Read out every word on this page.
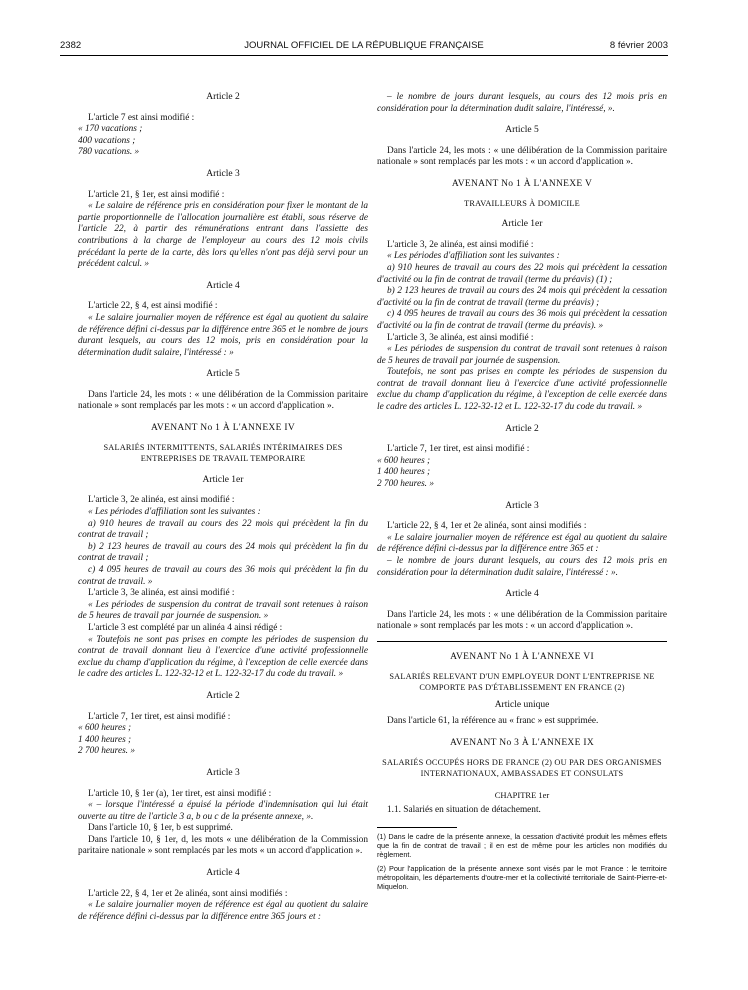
2382	JOURNAL OFFICIEL DE LA RÉPUBLIQUE FRANÇAISE	8 février 2003
Article 2

L'article 7 est ainsi modifié :

« 170 vacations ;

400 vacations ;

780 vacations. »

Article 3

L'article 21, § 1er, est ainsi modifié :

« Le salaire de référence pris en considération pour fixer le montant de la partie proportionnelle de l'allocation journalière est établi, sous réserve de l'article 22, à partir des rémunérations entrant dans l'assiette des contributions à la charge de l'employeur au cours des 12 mois civils précédant la perte de la carte, dès lors qu'elles n'ont pas déjà servi pour un précédent calcul. »

Article 4

L'article 22, § 4, est ainsi modifié :

« Le salaire journalier moyen de référence est égal au quotient du salaire de référence défini ci-dessus par la différence entre 365 et le nombre de jours durant lesquels, au cours des 12 mois, pris en considération pour la détermination dudit salaire, l'intéressé : »

Article 5

Dans l'article 24, les mots : « une délibération de la Commission paritaire nationale » sont remplacés par les mots : « un accord d'application ».

AVENANT No 1 À L'ANNEXE IV
SALARIÉS INTERMITTENTS, SALARIÉS INTÉRIMAIRES DES ENTREPRISES DE TRAVAIL TEMPORAIRE
Article 1er

L'article 3, 2e alinéa, est ainsi modifié :

« Les périodes d'affiliation sont les suivantes :

a) 910 heures de travail au cours des 22 mois qui précèdent la fin du contrat de travail ;

b) 2 123 heures de travail au cours des 24 mois qui précèdent la fin du contrat de travail ;

c) 4 095 heures de travail au cours des 36 mois qui précèdent la fin du contrat de travail. »

L'article 3, 3e alinéa, est ainsi modifié :

« Les périodes de suspension du contrat de travail sont retenues à raison de 5 heures de travail par journée de suspension. »

L'article 3 est complété par un alinéa 4 ainsi rédigé :

« Toutefois ne sont pas prises en compte les périodes de suspension du contrat de travail donnant lieu à l'exercice d'une activité professionnelle exclue du champ d'application du régime, à l'exception de celle exercée dans le cadre des articles L. 122-32-12 et L. 122-32-17 du code du travail. »

Article 2

L'article 7, 1er tiret, est ainsi modifié :

« 600 heures ;

1 400 heures ;

2 700 heures. »

Article 3

L'article 10, § 1er (a), 1er tiret, est ainsi modifié :

« – lorsque l'intéressé a épuisé la période d'indemnisation qui lui était ouverte au titre de l'article 3 a, b ou c de la présente annexe, ».

Dans l'article 10, § 1er, b est supprimé.

Dans l'article 10, § 1er, d, les mots « une délibération de la Commission paritaire nationale » sont remplacés par les mots « un accord d'application ».

Article 4

L'article 22, § 4, 1er et 2e alinéa, sont ainsi modifiés :

« Le salaire journalier moyen de référence est égal au quotient du salaire de référence défini ci-dessus par la différence entre 365 jours et :

– le nombre de jours durant lesquels, au cours des 12 mois pris en considération pour la détermination dudit salaire, l'intéressé, ».

Article 5

Dans l'article 24, les mots : « une délibération de la Commission paritaire nationale » sont remplacés par les mots : « un accord d'application ».

AVENANT No 1 À L'ANNEXE V
TRAVAILLEURS À DOMICILE
Article 1er

L'article 3, 2e alinéa, est ainsi modifié :

« Les périodes d'affiliation sont les suivantes :

a) 910 heures de travail au cours des 22 mois qui précèdent la cessation d'activité ou la fin de contrat de travail (terme du préavis) (1) ;

b) 2 123 heures de travail au cours des 24 mois qui précèdent la cessation d'activité ou la fin de contrat de travail (terme du préavis) ;

c) 4 095 heures de travail au cours des 36 mois qui précèdent la cessation d'activité ou la fin de contrat de travail (terme du préavis). »

L'article 3, 3e alinéa, est ainsi modifié :

« Les périodes de suspension du contrat de travail sont retenues à raison de 5 heures de travail par journée de suspension.

Toutefois, ne sont pas prises en compte les périodes de suspension du contrat de travail donnant lieu à l'exercice d'une activité professionnelle exclue du champ d'application du régime, à l'exception de celle exercée dans le cadre des articles L. 122-32-12 et L. 122-32-17 du code du travail. »

Article 2

L'article 7, 1er tiret, est ainsi modifié :

« 600 heures ;

1 400 heures ;

2 700 heures. »

Article 3

L'article 22, § 4, 1er et 2e alinéa, sont ainsi modifiés :

« Le salaire journalier moyen de référence est égal au quotient du salaire de référence défini ci-dessus par la différence entre 365 et :

– le nombre de jours durant lesquels, au cours des 12 mois pris en considération pour la détermination dudit salaire, l'intéressé : ».

Article 4

Dans l'article 24, les mots : « une délibération de la Commission paritaire nationale » sont remplacés par les mots : « un accord d'application ».

AVENANT No 1 À L'ANNEXE VI
SALARIÉS RELEVANT D'UN EMPLOYEUR DONT L'ENTREPRISE NE COMPORTE PAS D'ÉTABLISSEMENT EN FRANCE (2)
Article unique

Dans l'article 61, la référence au « franc » est supprimée.

AVENANT No 3 À L'ANNEXE IX
SALARIÉS OCCUPÉS HORS DE FRANCE (2) OU PAR DES ORGANISMES INTERNATIONAUX, AMBASSADES ET CONSULATS
CHAPITRE 1er

1.1. Salariés en situation de détachement.

(1) Dans le cadre de la présente annexe, la cessation d'activité produit les mêmes effets que la fin de contrat de travail ; il en est de même pour les articles non modifiés du règlement.

(2) Pour l'application de la présente annexe sont visés par le mot France : le territoire métropolitain, les départements d'outre-mer et la collectivité territoriale de Saint-Pierre-et-Miquelon.
